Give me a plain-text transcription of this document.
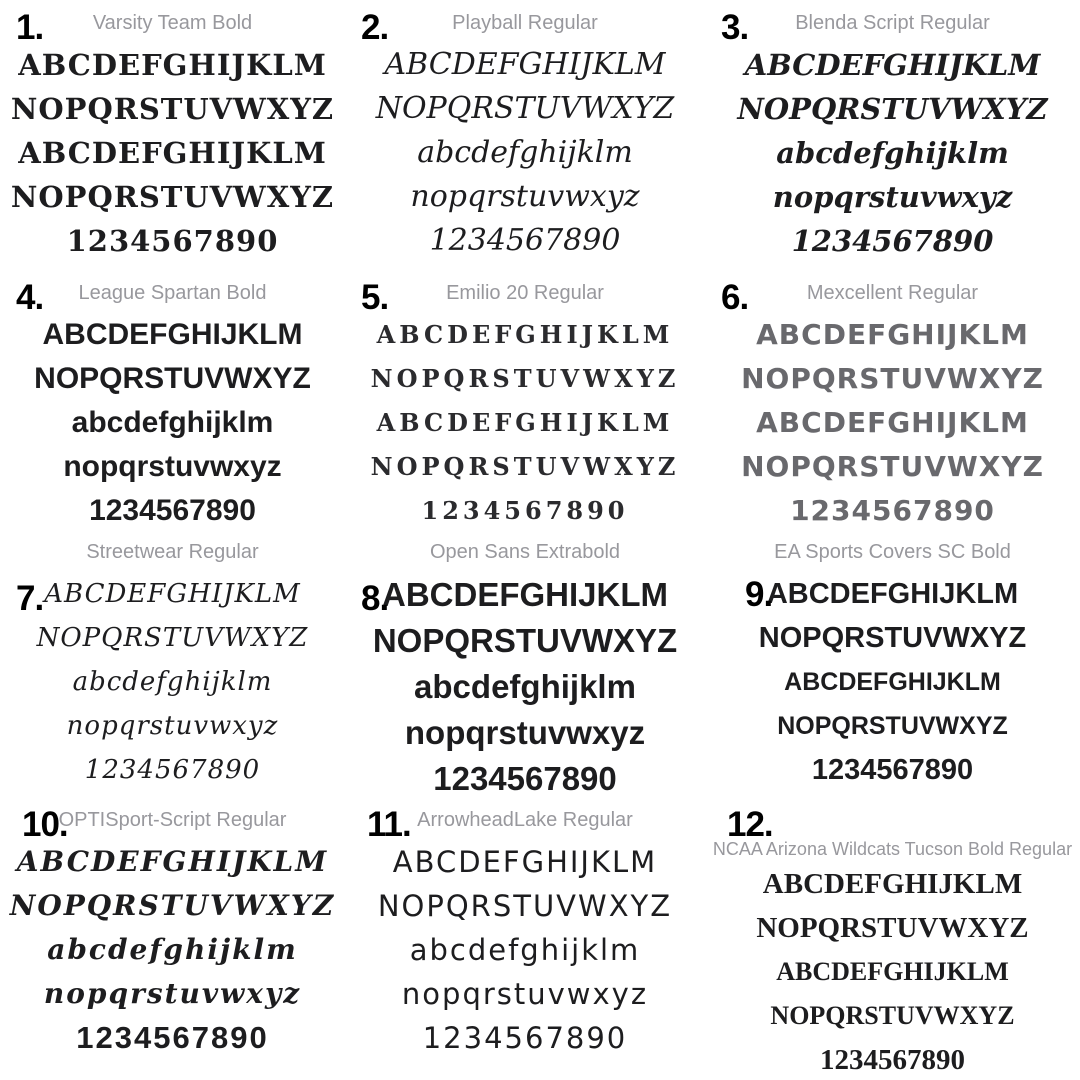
1.	Varsity Team Bold
ABCDEFGHIJKLM
NOPQRSTUVWXYZ
ABCDEFGHIJKLM
NOPQRSTUVWXYZ
1234567890
2.	Playball Regular
ABCDEFGHIJKLM
NOPQRSTUVWXYZ
abcdefghijklm
nopqrstuvwxyz
1234567890
3.	Blenda Script Regular
ABCDEFGHIJKLM
NOPQRSTUVWXYZ
abcdefghijklm
nopqrstuvwxyz
1234567890
4.	League Spartan Bold
ABCDEFGHIJKLM
NOPQRSTUVWXYZ
abcdefghijklm
nopqrstuvwxyz
1234567890
5.	Emilio 20 Regular
ABCDEFGHIJKLM
NOPQRSTUVWXYZ
ABCDEFGHIJKLM
NOPQRSTUVWXYZ
1234567890
6.	Mexcellent Regular
ABCDEFGHIJKLM
NOPQRSTUVWXYZ
ABCDEFGHIJKLM
NOPQRSTUVWXYZ
1234567890
7.
Streetwear Regular
ABCDEFGHIJKLM
NOPQRSTUVWXYZ
abcdefghijklm
nopqrstuvwxyz
1234567890
8.
Open Sans Extrabold
ABCDEFGHIJKLM
NOPQRSTUVWXYZ
abcdefghijklm
nopqrstuvwxyz
1234567890
9.
EA Sports Covers SC Bold
ABCDEFGHIJKLM
NOPQRSTUVWXYZ
ABCDEFGHIJKLM
NOPQRSTUVWXYZ
1234567890
10.
OPTISport-Script Regular
ABCDEFGHIJKLM
NOPQRSTUVWXYZ
abcdefghijklm
nopqrstuvwxyz
1234567890
11. ArrowheadLake Regular
ABCDEFGHIJKLM
NOPQRSTUVWXYZ
abcdefghijklm
nopqrstuvwxyz
1234567890
12.
NCAA Arizona Wildcats Tucson Bold Regular
ABCDEFGHIJKLM
NOPQRSTUVWXYZ
ABCDEFGHIJKLM
NOPQRSTUVWXYZ
1234567890
